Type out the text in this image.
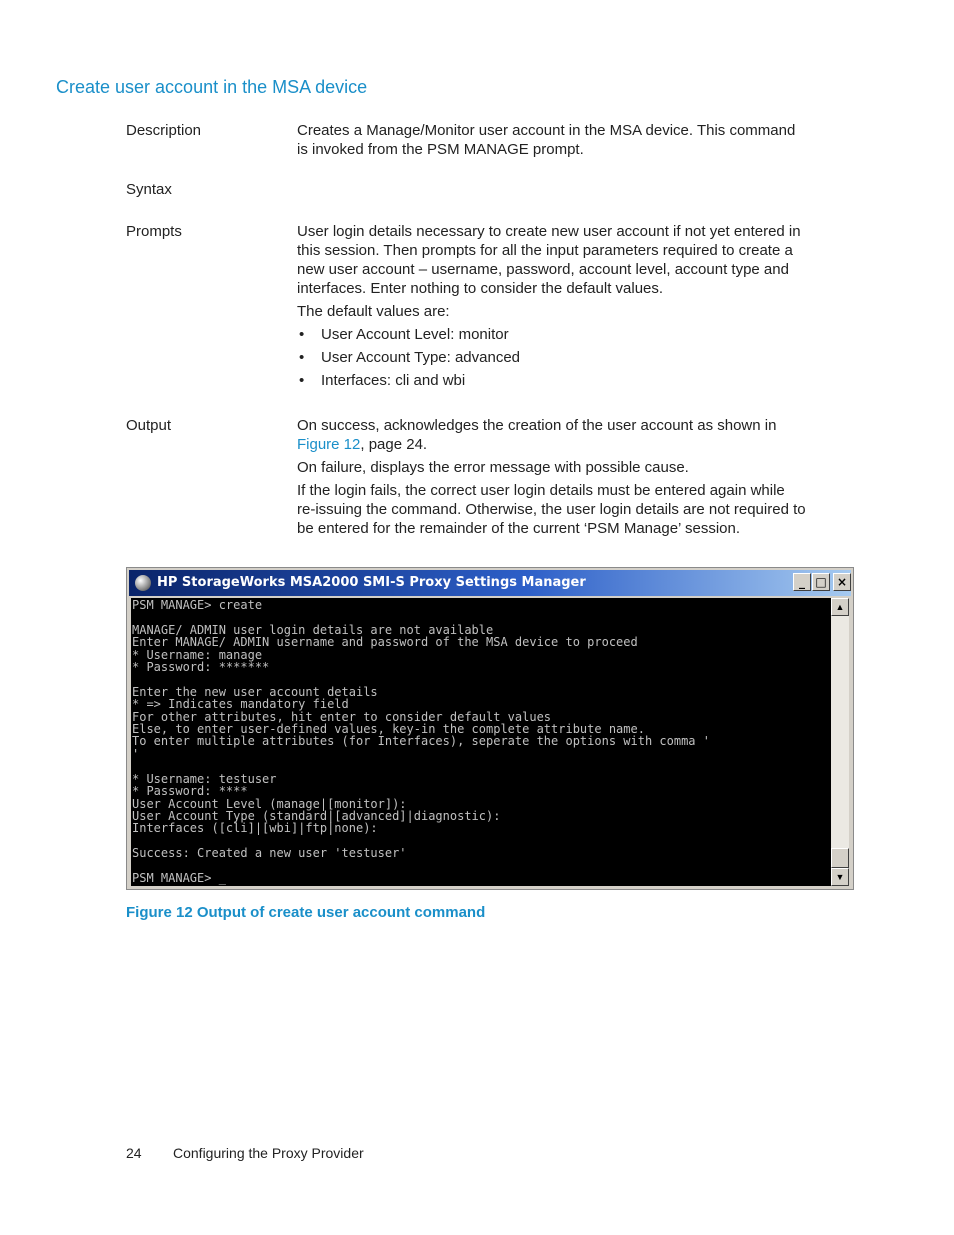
Create user account in the MSA device
Description	Creates a Manage/Monitor user account in the MSA device. This command is invoked from the PSM MANAGE prompt.

Syntax
Prompts	User login details necessary to create new user account if not yet entered in this session. Then prompts for all the input parameters required to create a new user account – username, password, account level, account type and interfaces. Enter nothing to consider the default values.

The default values are:

• User Account Level: monitor
• User Account Type: advanced
• Interfaces: cli and wbi
Output	On success, acknowledges the creation of the user account as shown in Figure 12, page 24.

On failure, displays the error message with possible cause.

If the login fails, the correct user login details must be entered again while re-issuing the command. Otherwise, the user login details are not required to be entered for the remainder of the current ‘PSM Manage’ session.

HP StorageWorks MSA2000 SMI-S Proxy Settings Manager	_ □ ×
PSM MANAGE> create

MANAGE/ ADMIN user login details are not available
Enter MANAGE/ ADMIN username and password of the MSA device to proceed
* Username: manage
* Password: *******

Enter the new user account details
* => Indicates mandatory field
For other attributes, hit enter to consider default values
Else, to enter user-defined values, key-in the complete attribute name.
To enter multiple attributes (for Interfaces), seperate the options with comma '
'

* Username: testuser
* Password: ****
User Account Level (manage|[monitor]):
User Account Type (standard|[advanced]|diagnostic):
Interfaces ([cli]|[wbi]|ftp|none):

Success: Created a new user 'testuser'

PSM MANAGE> _
▲
▼
Figure 12 Output of create user account command
24 Configuring the Proxy Provider
